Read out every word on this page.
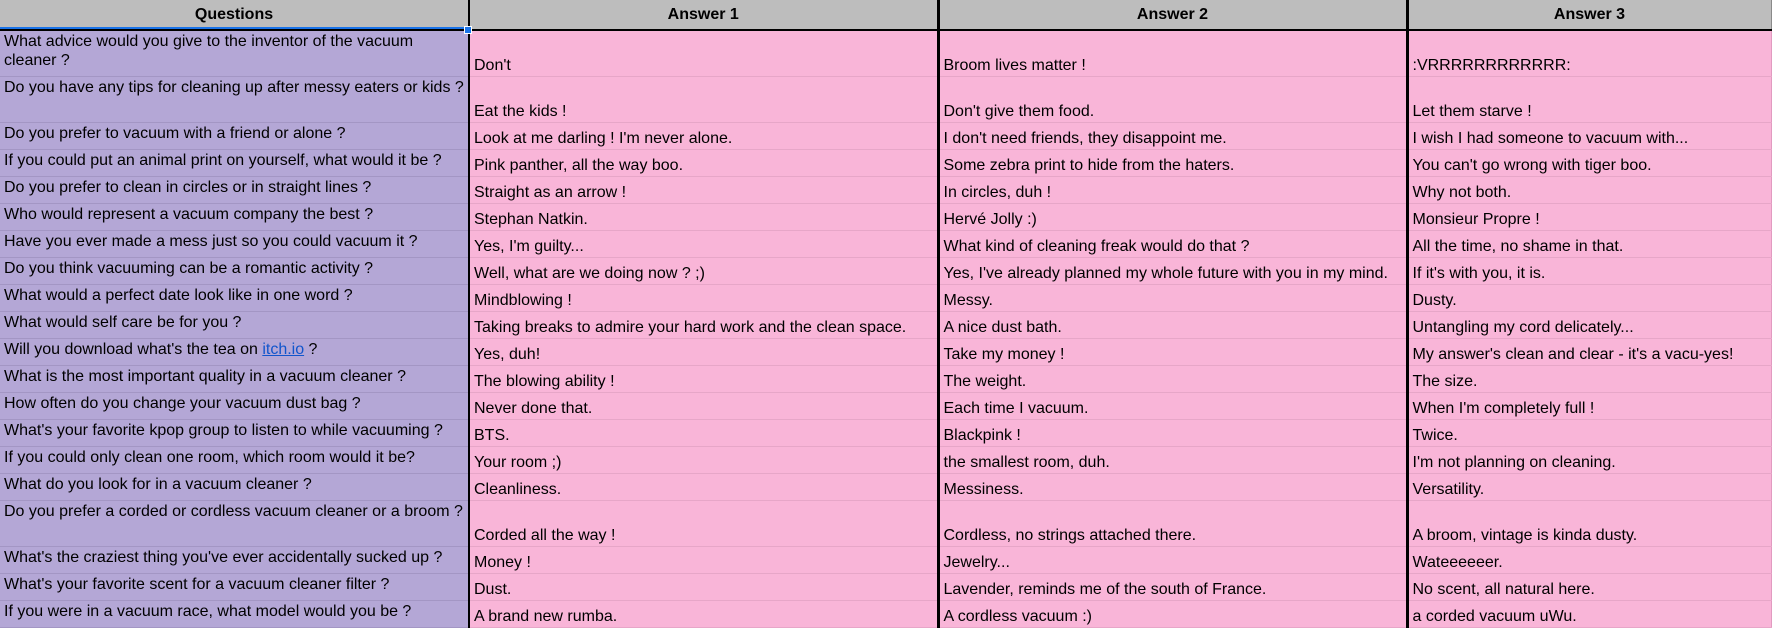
Questions	Answer 1	Answer 2	Answer 3
What advice would you give to the inventor of the vacuum cleaner ?	Don't	Broom lives matter !	:VRRRRRRRRRRRR:
Do you have any tips for cleaning up after messy eaters or kids ?	Eat the kids !	Don't give them food.	Let them starve !
Do you prefer to vacuum with a friend or alone ?	Look at me darling ! I'm never alone.	I don't need friends, they disappoint me.	I wish I had someone to vacuum with...
If you could put an animal print on yourself, what would it be ?	Pink panther, all the way boo.	Some zebra print to hide from the haters.	You can't go wrong with tiger boo.
Do you prefer to clean in circles or in straight lines ?	Straight as an arrow !	In circles, duh !	Why not both.
Who would represent a vacuum company the best ?	Stephan Natkin.	Hervé Jolly :)	Monsieur Propre !
Have you ever made a mess just so you could vacuum it ?	Yes, I'm guilty...	What kind of cleaning freak would do that ?	All the time, no shame in that.
Do you think vacuuming can be a romantic activity ?	Well, what are we doing now ? ;)	Yes, I've already planned my whole future with you in my mind.	If it's with you, it is.
What would a perfect date look like in one word ?	Mindblowing !	Messy.	Dusty.
What would self care be for you ?	Taking breaks to admire your hard work and the clean space.	A nice dust bath.	Untangling my cord delicately...
Will you download what's the tea on itch.io ?	Yes, duh!	Take my money !	My answer's clean and clear - it's a vacu-yes!
What is the most important quality in a vacuum cleaner ?	The blowing ability !	The weight.	The size.
How often do you change your vacuum dust bag ?	Never done that.	Each time I vacuum.	When I'm completely full !
What's your favorite kpop group to listen to while vacuuming ?	BTS.	Blackpink !	Twice.
If you could only clean one room, which room would it be?	Your room ;)	the smallest room, duh.	I'm not planning on cleaning.
What do you look for in a vacuum cleaner ?	Cleanliness.	Messiness.	Versatility.
Do you prefer a corded or cordless vacuum cleaner or a broom ?	Corded all the way !	Cordless, no strings attached there.	A broom, vintage is kinda dusty.
What's the craziest thing you've ever accidentally sucked up ?	Money !	Jewelry...	Wateeeeeer.
What's your favorite scent for a vacuum cleaner filter ?	Dust.	Lavender, reminds me of the south of France.	No scent, all natural here.
If you were in a vacuum race, what model would you be ?	A brand new rumba.	A cordless vacuum :)	a corded vacuum uWu.
